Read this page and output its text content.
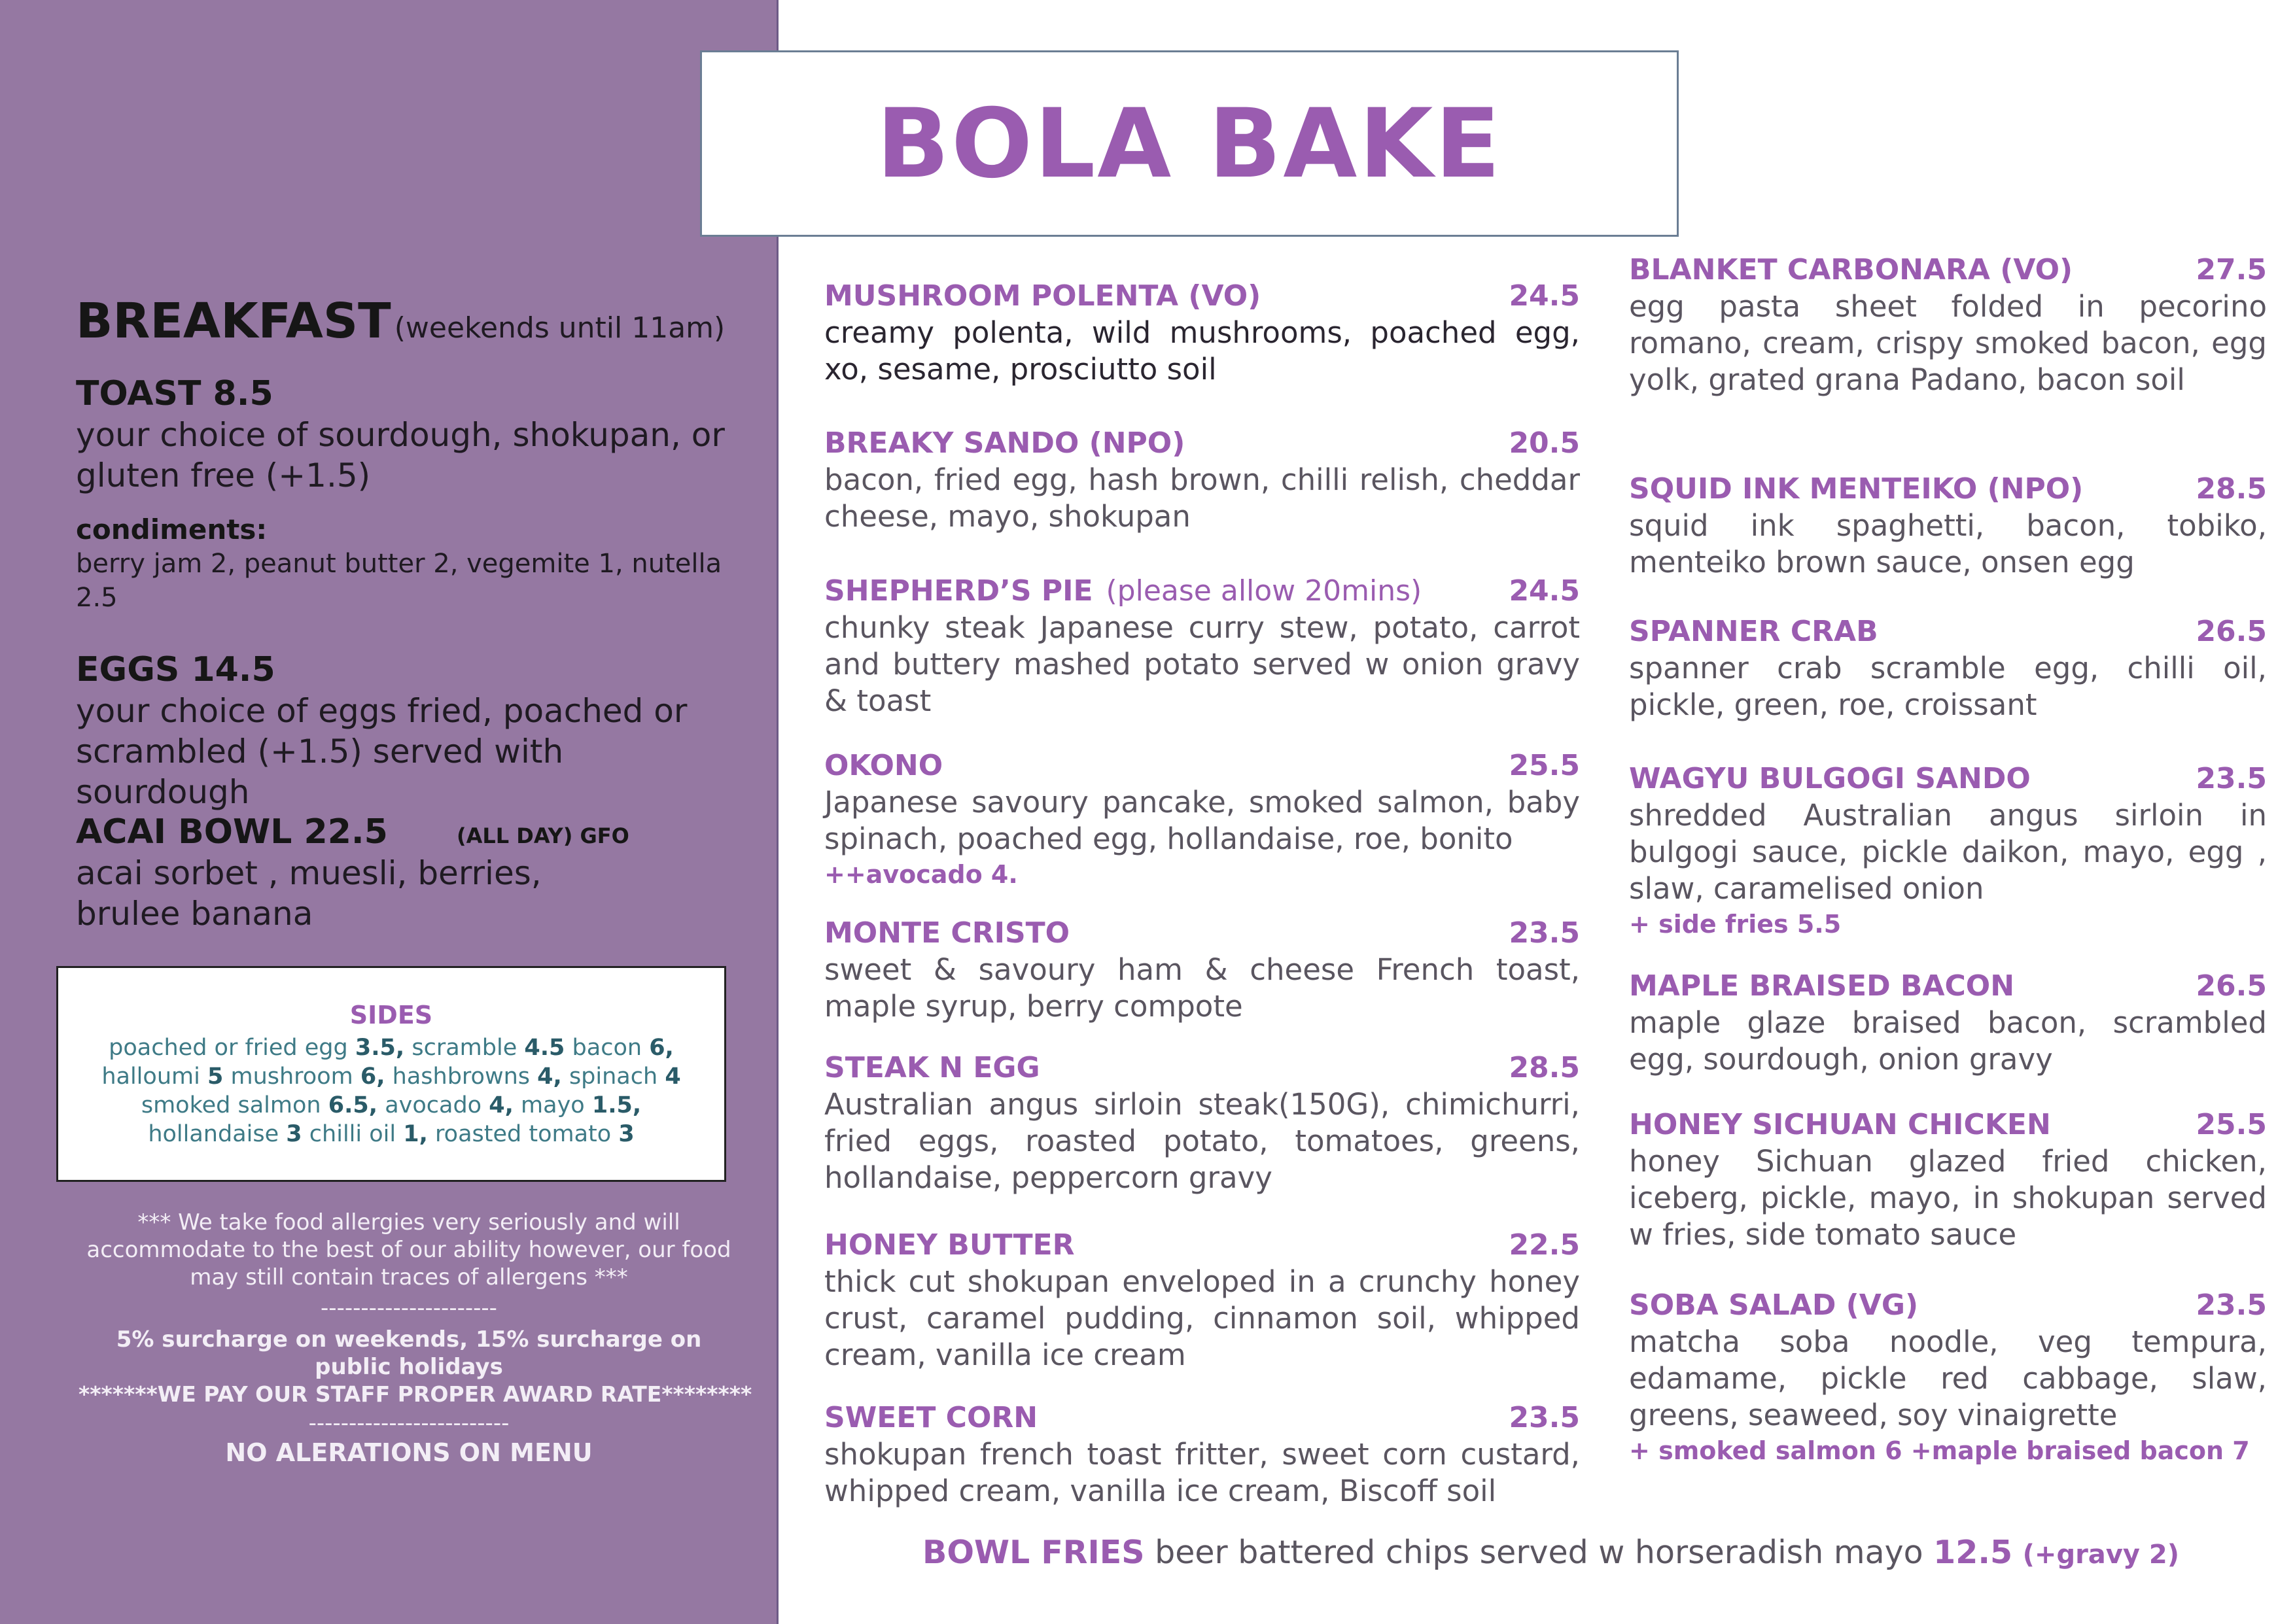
BREAKFAST (weekends until 11am)
TOAST 8.5
your choice of sourdough, shokupan, or gluten free (+1.5)
condiments:
berry jam 2, peanut butter 2, vegemite 1, nutella 2.5
EGGS 14.5
your choice of eggs fried, poached or scrambled (+1.5) served with sourdough
ACAI BOWL 22.5	(ALL DAY) GFO
acai sorbet , muesli, berries,
brulee banana
SIDES
poached or fried egg 3.5, scramble 4.5 bacon 6, halloumi 5 mushroom 6, hashbrowns 4, spinach 4 smoked salmon 6.5, avocado 4, mayo 1.5, hollandaise 3 chilli oil 1, roasted tomato 3
*** We take food allergies very seriously and will accommodate to the best of our ability however, our food may still contain traces of allergens ***
----------------------
5% surcharge on weekends, 15% surcharge on public holidays
*******WE PAY OUR STAFF PROPER AWARD RATE********
-------------------------
NO ALERATIONS ON MENU
BOLA BAKE
MUSHROOM POLENTA (VO)	24.5
creamy polenta, wild mushrooms, poached egg, xo, sesame, prosciutto soil
BREAKY SANDO (NPO)	20.5
bacon, fried egg, hash brown, chilli relish, cheddar cheese, mayo, shokupan
SHEPHERD’S PIE (please allow 20mins)	24.5
chunky steak Japanese curry stew, potato, carrot and buttery mashed potato served w onion gravy & toast
OKONO	25.5
Japanese savoury pancake, smoked salmon, baby spinach, poached egg, hollandaise, roe, bonito
++avocado 4.
MONTE CRISTO	23.5
sweet & savoury ham & cheese French toast, maple syrup, berry compote
STEAK N EGG	28.5
Australian angus sirloin steak(150G), chimichurri, fried eggs, roasted potato, tomatoes, greens, hollandaise, peppercorn gravy
HONEY BUTTER	22.5
thick cut shokupan enveloped in a crunchy honey crust, caramel pudding, cinnamon soil, whipped cream, vanilla ice cream
SWEET CORN	23.5
shokupan french toast fritter, sweet corn custard, whipped cream, vanilla ice cream, Biscoff soil
BLANKET CARBONARA (VO)	27.5
egg pasta sheet folded in pecorino romano, cream, crispy smoked bacon, egg yolk, grated grana Padano, bacon soil
SQUID INK MENTEIKO (NPO)	28.5
squid ink spaghetti, bacon, tobiko, menteiko brown sauce, onsen egg
SPANNER CRAB	26.5
spanner crab scramble egg, chilli oil, pickle, green, roe, croissant
WAGYU BULGOGI SANDO	23.5
shredded Australian angus sirloin in bulgogi sauce, pickle daikon, mayo, egg , slaw, caramelised onion
+ side fries 5.5
MAPLE BRAISED BACON	26.5
maple glaze braised bacon, scrambled egg, sourdough, onion gravy
HONEY SICHUAN CHICKEN	25.5
honey Sichuan glazed fried chicken, iceberg, pickle, mayo, in shokupan served w fries, side tomato sauce
SOBA SALAD (VG)	23.5
matcha soba noodle, veg tempura, edamame, pickle red cabbage, slaw, greens, seaweed, soy vinaigrette
+ smoked salmon 6 +maple braised bacon 7
BOWL FRIES beer battered chips served w horseradish mayo 12.5 (+gravy 2)
